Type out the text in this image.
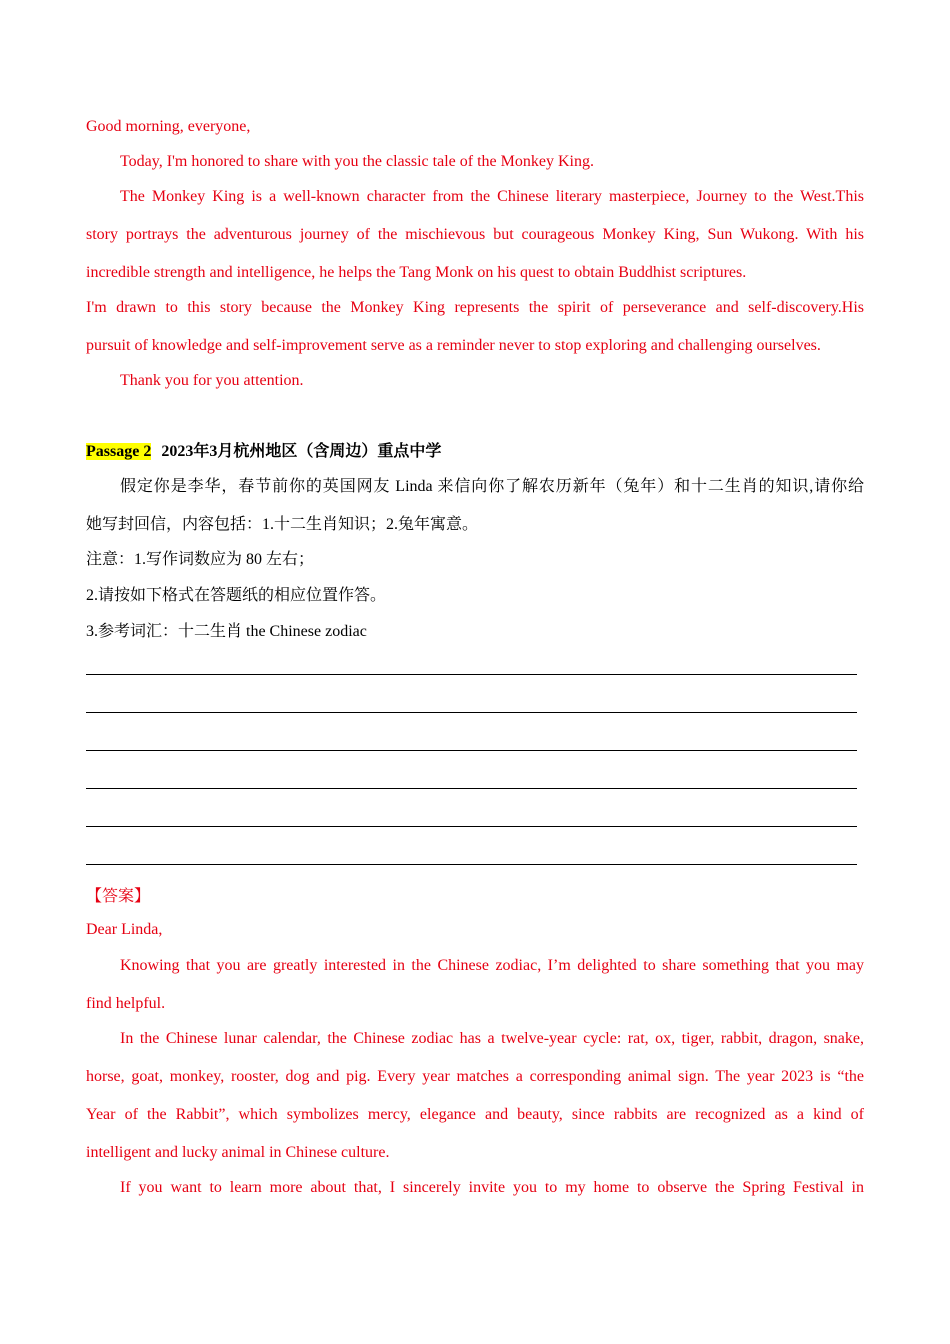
Good morning, everyone,
Today, I'm honored to share with you the classic tale of the Monkey King.
The Monkey King is a well-known character from the Chinese literary masterpiece, Journey to the West.This
story portrays the adventurous journey of the mischievous but courageous Monkey King, Sun Wukong. With his
incredible strength and intelligence, he helps the Tang Monk on his quest to obtain Buddhist scriptures.
I'm drawn to this story because the Monkey King represents the spirit of perseverance and self-discovery.His
pursuit of knowledge and self-improvement serve as a reminder never to stop exploring and challenging ourselves.
Thank you for you attention.
Passage 2 2023年3月杭州地区（含周边）重点中学
假定你是李华，春节前你的英国网友 Linda 来信向你了解农历新年（兔年）和十二生肖的知识,请你给
她写封回信，内容包括：1.十二生肖知识；2.兔年寓意。
注意：1.写作词数应为 80 左右；
2.请按如下格式在答题纸的相应位置作答。
3.参考词汇：十二生肖 the Chinese zodiac
【答案】
Dear Linda,
Knowing that you are greatly interested in the Chinese zodiac, I’m delighted to share something that you may
find helpful.
In the Chinese lunar calendar, the Chinese zodiac has a twelve-year cycle: rat, ox, tiger, rabbit, dragon, snake,
horse, goat, monkey, rooster, dog and pig. Every year matches a corresponding animal sign. The year 2023 is “the
Year of the Rabbit”, which symbolizes mercy, elegance and beauty, since rabbits are recognized as a kind of
intelligent and lucky animal in Chinese culture.
If you want to learn more about that, I sincerely invite you to my home to observe the Spring Festival in
